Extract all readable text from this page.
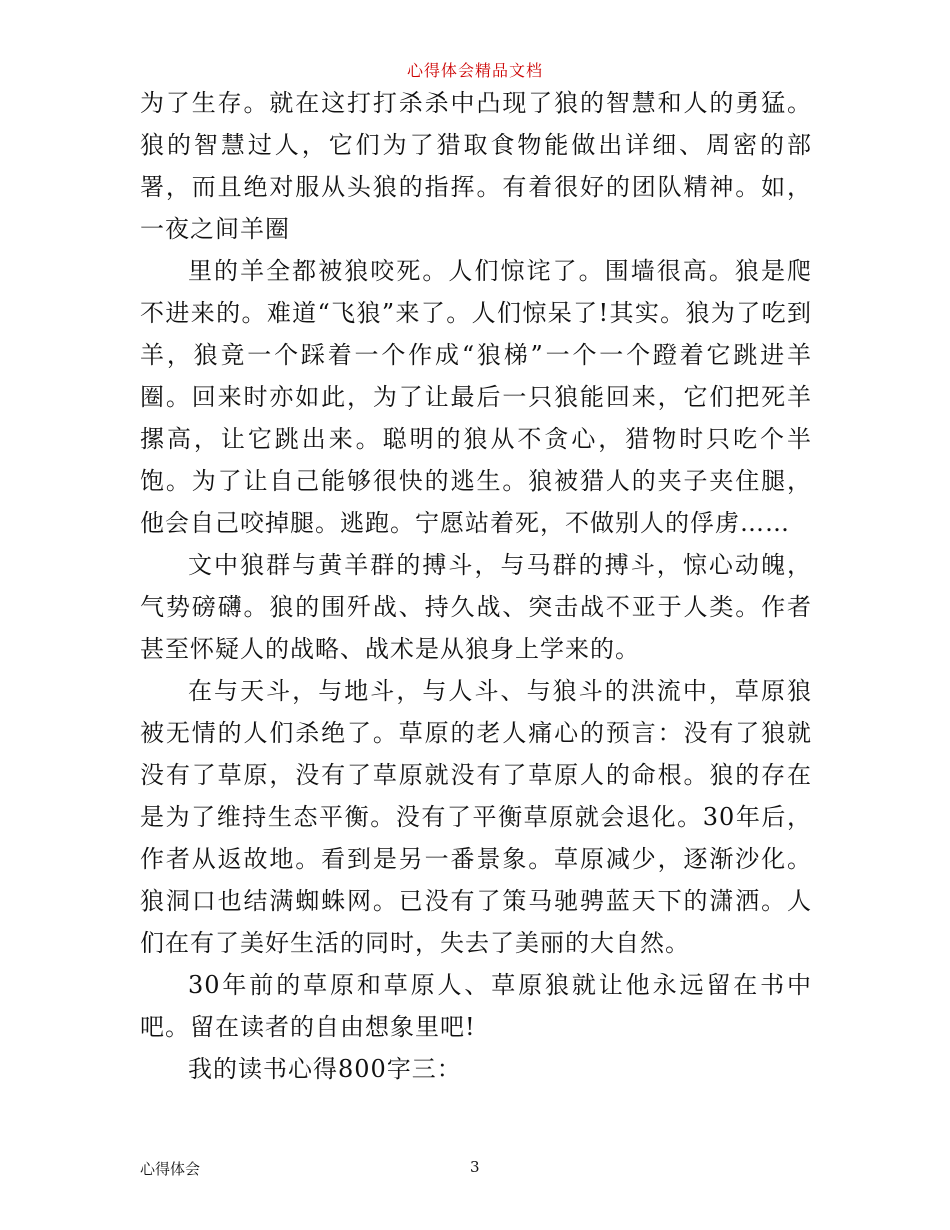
心得体会精品文档

为了生存。就在这打打杀杀中凸现了狼的智慧和人的勇猛。狼的智慧过人，它们为了猎取食物能做出详细、周密的部署，而且绝对服从头狼的指挥。有着很好的团队精神。如，一夜之间羊圈

里的羊全都被狼咬死。人们惊诧了。围墙很高。狼是爬不进来的。难道“飞狼”来了。人们惊呆了!其实。狼为了吃到羊，狼竟一个踩着一个作成“狼梯”一个一个蹬着它跳进羊圈。回来时亦如此，为了让最后一只狼能回来，它们把死羊摞高，让它跳出来。聪明的狼从不贪心，猎物时只吃个半饱。为了让自己能够很快的逃生。狼被猎人的夹子夹住腿，他会自己咬掉腿。逃跑。宁愿站着死，不做别人的俘虏……

文中狼群与黄羊群的搏斗，与马群的搏斗，惊心动魄，气势磅礴。狼的围歼战、持久战、突击战不亚于人类。作者甚至怀疑人的战略、战术是从狼身上学来的。

在与天斗，与地斗，与人斗、与狼斗的洪流中，草原狼被无情的人们杀绝了。草原的老人痛心的预言：没有了狼就没有了草原，没有了草原就没有了草原人的命根。狼的存在是为了维持生态平衡。没有了平衡草原就会退化。30年后，作者从返故地。看到是另一番景象。草原减少，逐渐沙化。狼洞口也结满蜘蛛网。已没有了策马驰骋蓝天下的潇洒。人们在有了美好生活的同时，失去了美丽的大自然。

30年前的草原和草原人、草原狼就让他永远留在书中吧。留在读者的自由想象里吧!

我的读书心得800字三：

心得体会	3
